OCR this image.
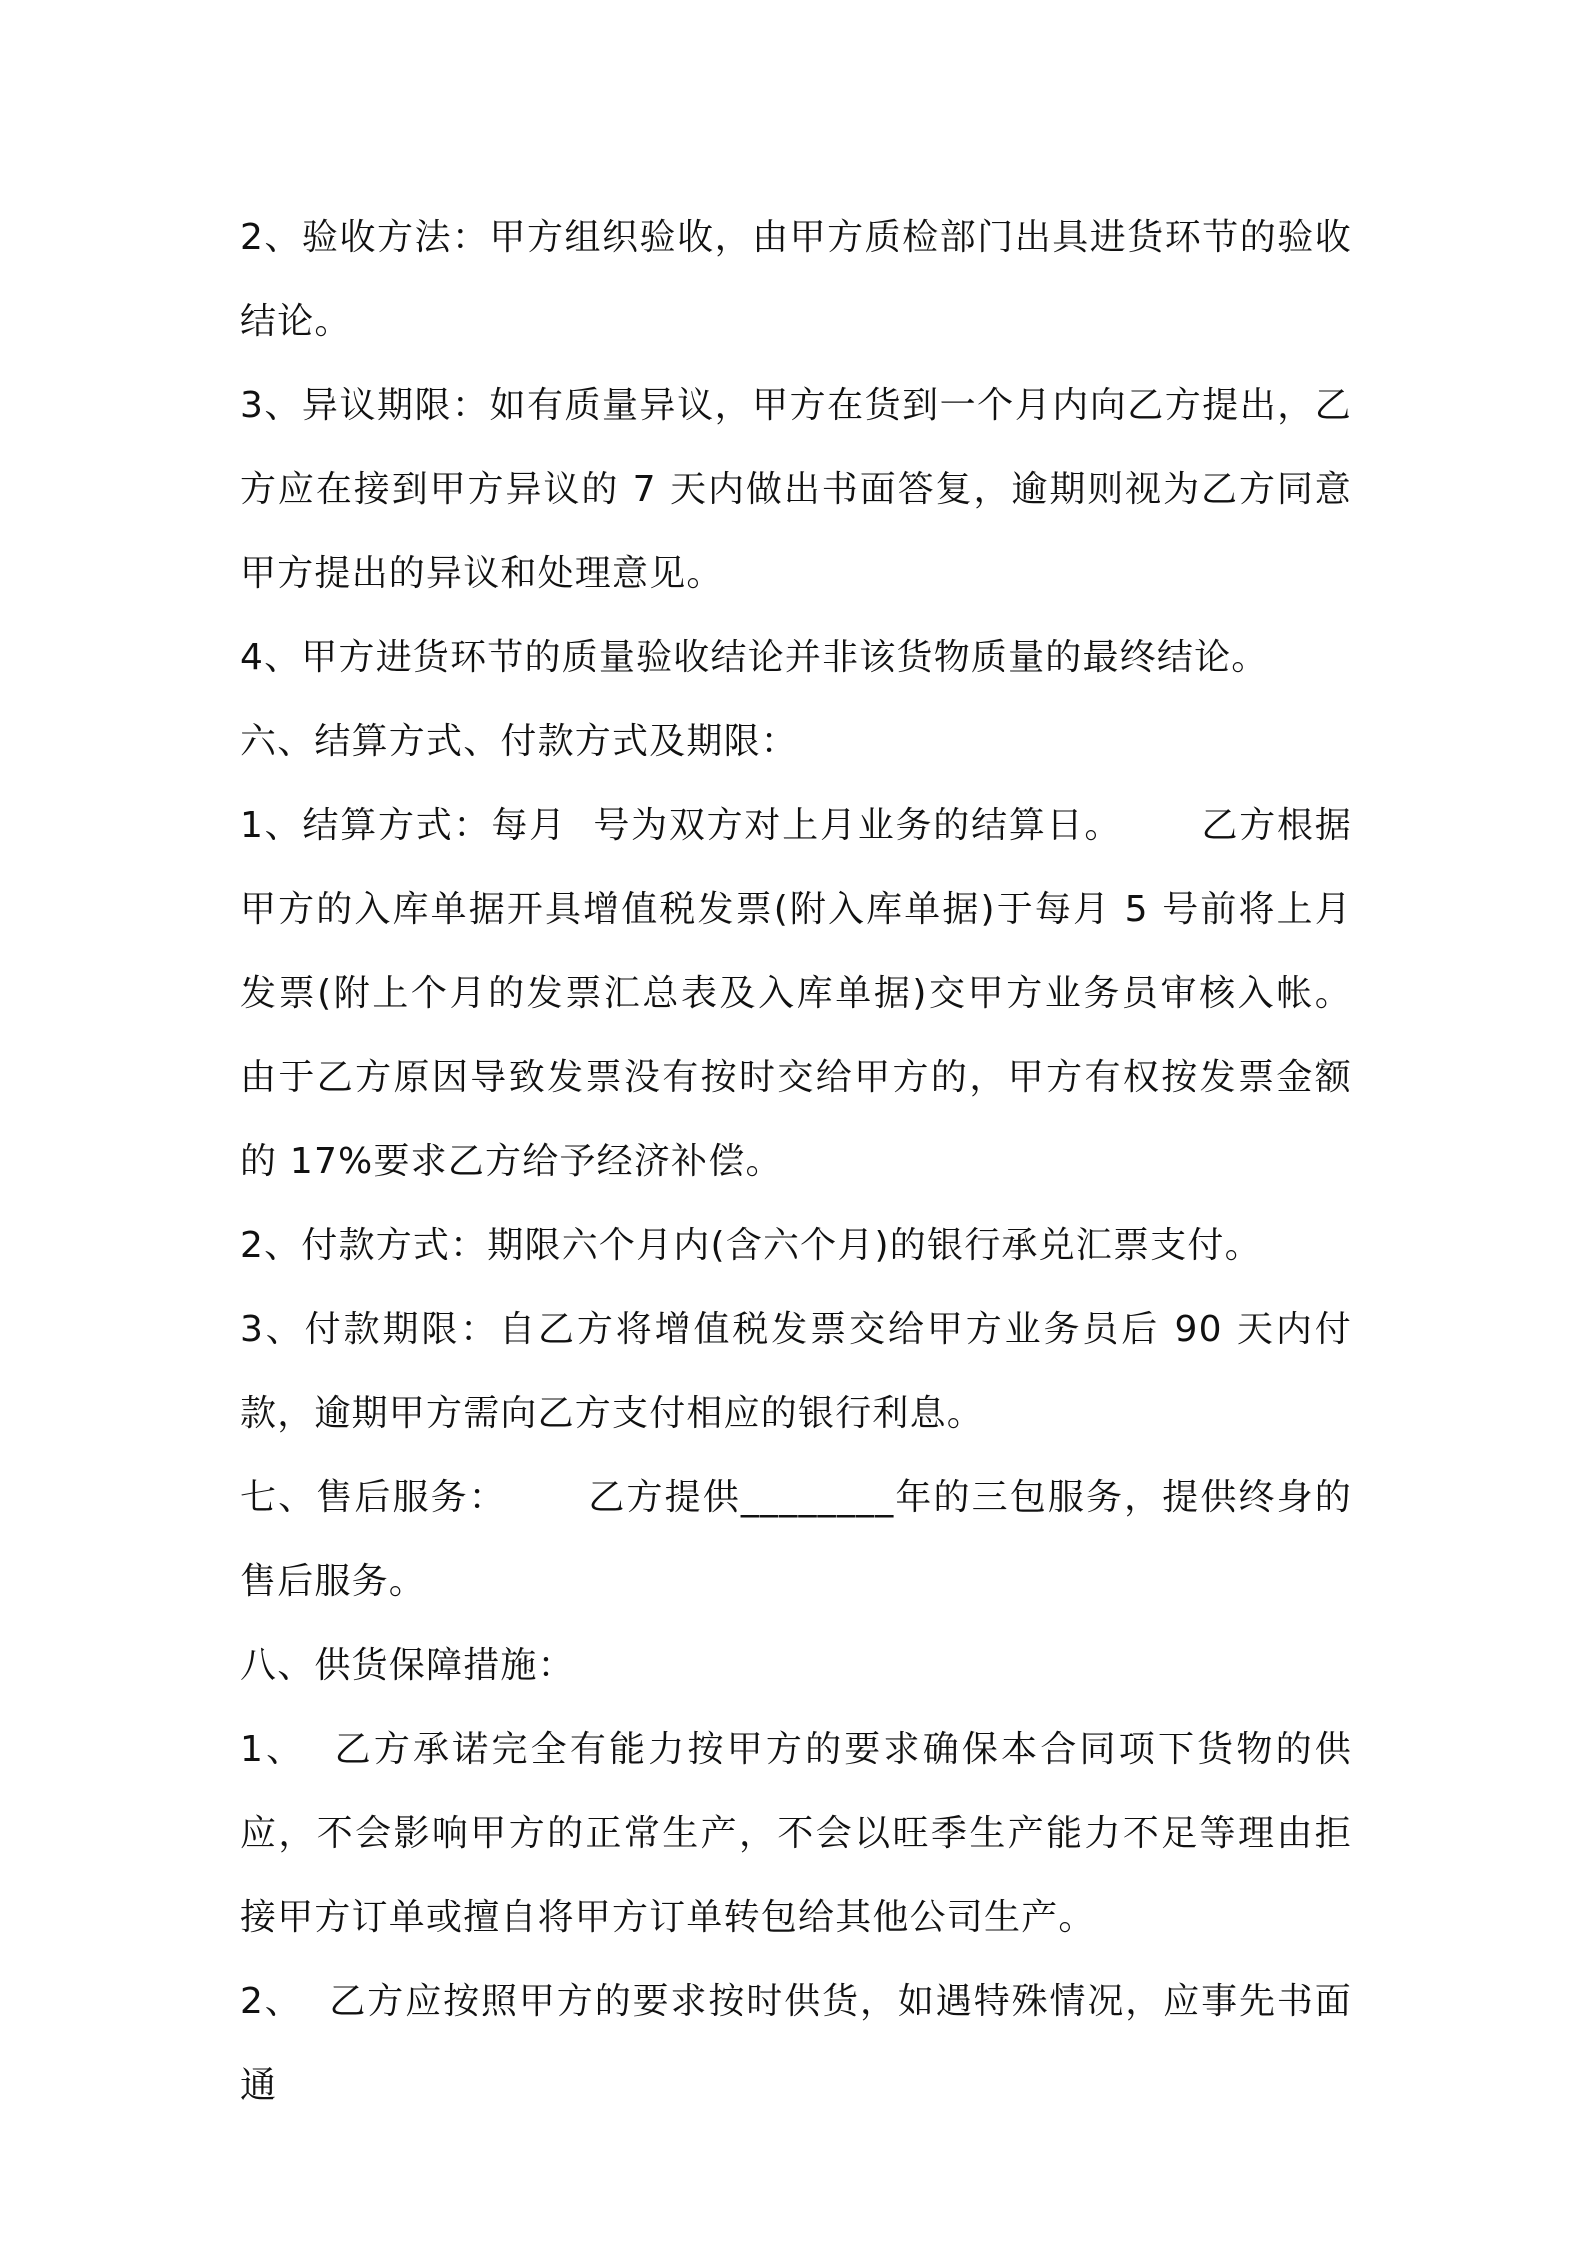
2、验收方法：甲方组织验收，由甲方质检部门出具进货环节的验收结论。

3、异议期限：如有质量异议，甲方在货到一个月内向乙方提出，乙方应在接到甲方异议的 7 天内做出书面答复，逾期则视为乙方同意甲方提出的异议和处理意见。

4、甲方进货环节的质量验收结论并非该货物质量的最终结论。

六、结算方式、付款方式及期限：

1、结算方式：每月  号为双方对上月业务的结算日。      乙方根据甲方的入库单据开具增值税发票(附入库单据)于每月 5 号前将上月发票(附上个月的发票汇总表及入库单据)交甲方业务员审核入帐。      由于乙方原因导致发票没有按时交给甲方的，甲方有权按发票金额的 17%要求乙方给予经济补偿。

2、付款方式：期限六个月内(含六个月)的银行承兑汇票支付。

3、付款期限：自乙方将增值税发票交给甲方业务员后 90 天内付款，逾期甲方需向乙方支付相应的银行利息。

七、售后服务：      乙方提供________年的三包服务，提供终身的售后服务。

八、供货保障措施：

1、  乙方承诺完全有能力按甲方的要求确保本合同项下货物的供应，不会影响甲方的正常生产，不会以旺季生产能力不足等理由拒接甲方订单或擅自将甲方订单转包给其他公司生产。

2、  乙方应按照甲方的要求按时供货，如遇特殊情况，应事先书面通
